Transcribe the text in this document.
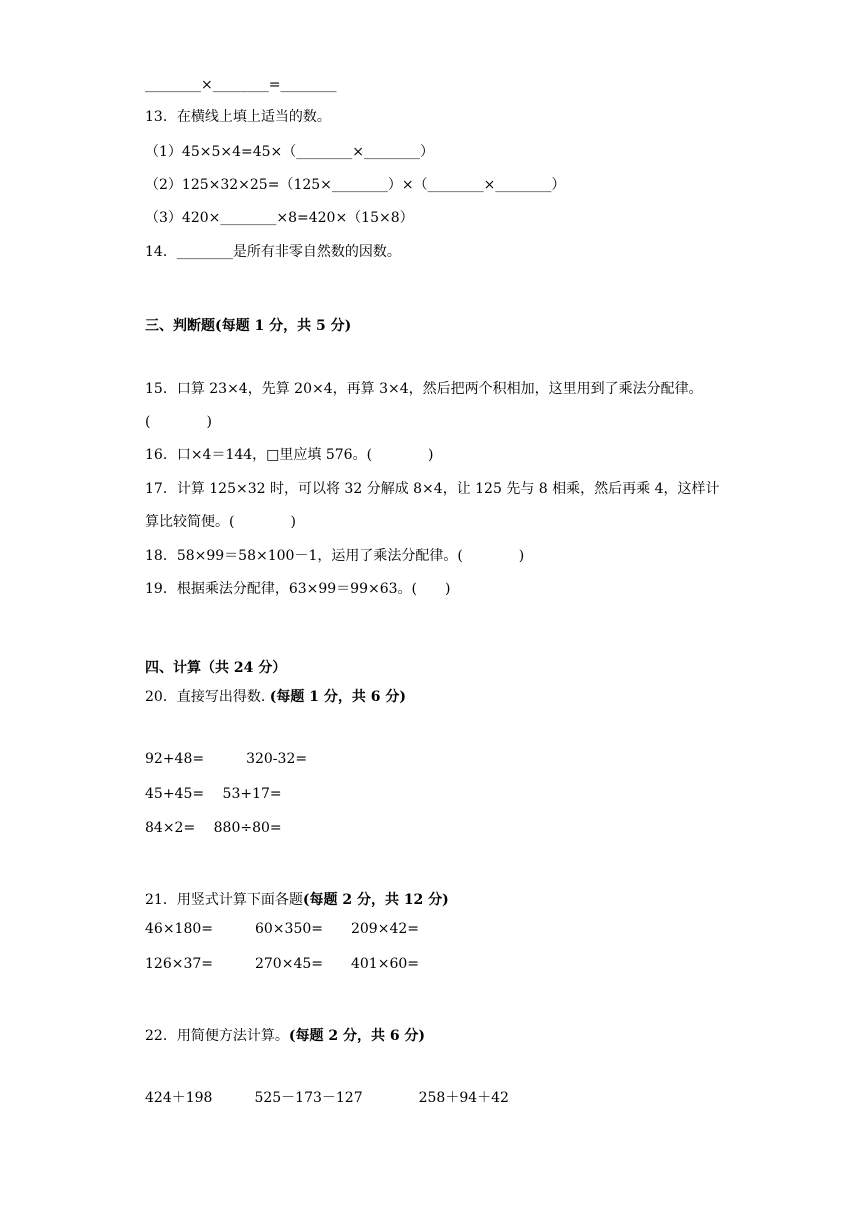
________×________=________
13．在横线上填上适当的数。
（1）45×5×4=45×（________×________）
（2）125×32×25=（125×________）×（________×________）
（3）420×________×8=420×（15×8）
14．________是所有非零自然数的因数。
三、判断题(每题 1 分，共 5 分)
15．口算 23×4，先算 20×4，再算 3×4，然后把两个积相加，这里用到了乘法分配律。
(　　　　)
16．口×4＝144，□里应填 576。(　　　　)
17．计算 125×32 时，可以将 32 分解成 8×4，让 125 先与 8 相乘，然后再乘 4，这样计
算比较简便。(　　　　)
18．58×99＝58×100－1，运用了乘法分配律。(　　　　)
19．根据乘法分配律，63×99＝99×63。(　　)
四、计算（共 24 分）
20．直接写出得数. (每题 1 分，共 6 分)
92+48=　　　320-32=
45+45=　 53+17=
84×2=　 880÷80=
21．用竖式计算下面各题(每题 2 分，共 12 分)
46×180=　　　60×350=　　209×42=
126×37=　　　270×45=　　401×60=
22．用简便方法计算。(每题 2 分，共 6 分)
424＋198　　　525－173－127　　　　258＋94＋42
